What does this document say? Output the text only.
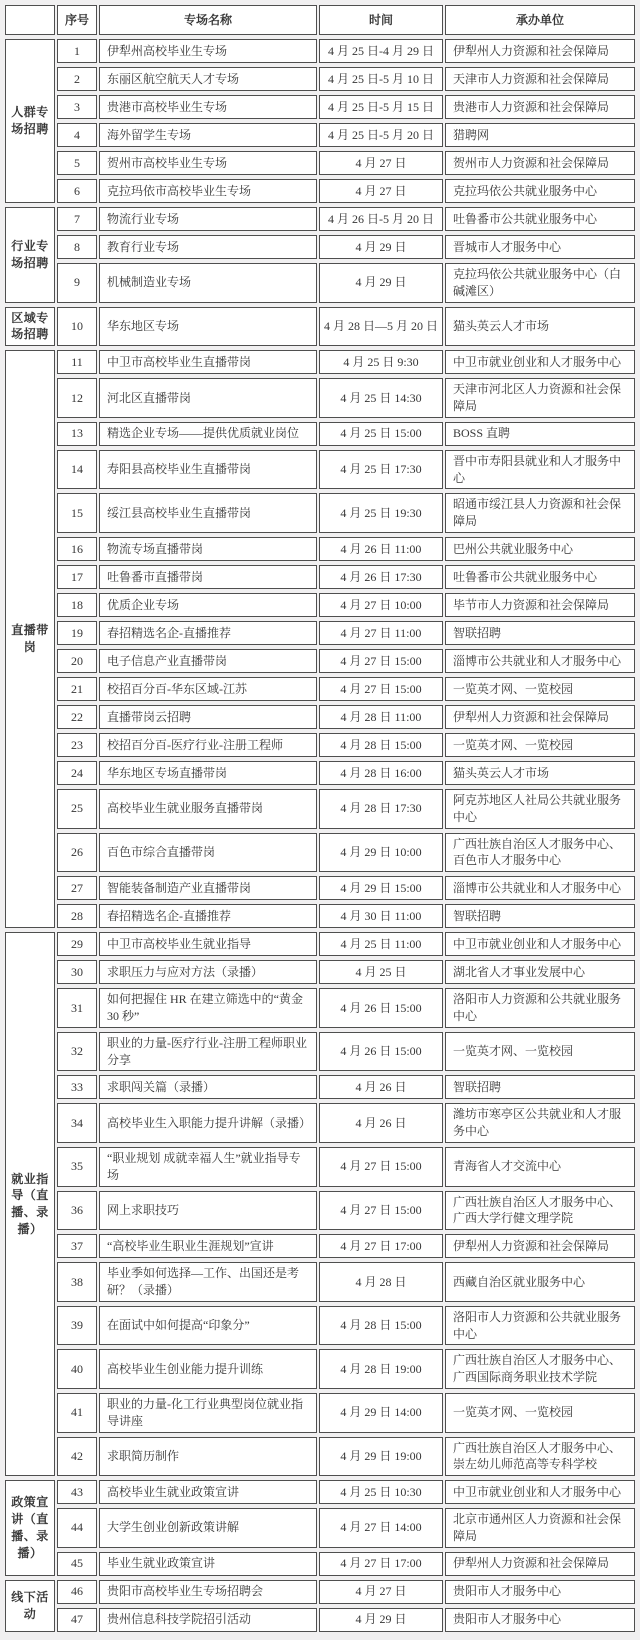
	序号	专场名称	时间	承办单位
人群专场招聘	1	伊犁州高校毕业生专场	4 月 25 日-4 月 29 日	伊犁州人力资源和社会保障局
	2	东丽区航空航天人才专场	4 月 25 日-5 月 10 日	天津市人力资源和社会保障局
	3	贵港市高校毕业生专场	4 月 25 日-5 月 15 日	贵港市人力资源和社会保障局
	4	海外留学生专场	4 月 25 日-5 月 20 日	猎聘网
	5	贺州市高校毕业生专场	4 月 27 日	贺州市人力资源和社会保障局
	6	克拉玛依市高校毕业生专场	4 月 27 日	克拉玛依公共就业服务中心
行业专场招聘	7	物流行业专场	4 月 26 日-5 月 20 日	吐鲁番市公共就业服务中心
	8	教育行业专场	4 月 29 日	晋城市人才服务中心
	9	机械制造业专场	4 月 29 日	克拉玛依公共就业服务中心（白碱滩区）
区域专场招聘	10	华东地区专场	4 月 28 日—5 月 20 日	猫头英云人才市场
直播带岗	11	中卫市高校毕业生直播带岗	4 月 25 日 9:30	中卫市就业创业和人才服务中心
	12	河北区直播带岗	4 月 25 日 14:30	天津市河北区人力资源和社会保障局
	13	精选企业专场——提供优质就业岗位	4 月 25 日 15:00	BOSS 直聘
	14	寿阳县高校毕业生直播带岗	4 月 25 日 17:30	晋中市寿阳县就业和人才服务中心
	15	绥江县高校毕业生直播带岗	4 月 25 日 19:30	昭通市绥江县人力资源和社会保障局
	16	物流专场直播带岗	4 月 26 日 11:00	巴州公共就业服务中心
	17	吐鲁番市直播带岗	4 月 26 日 17:30	吐鲁番市公共就业服务中心
	18	优质企业专场	4 月 27 日 10:00	毕节市人力资源和社会保障局
	19	春招精选名企-直播推荐	4 月 27 日 11:00	智联招聘
	20	电子信息产业直播带岗	4 月 27 日 15:00	淄博市公共就业和人才服务中心
	21	校招百分百-华东区域-江苏	4 月 27 日 15:00	一览英才网、一览校园
	22	直播带岗云招聘	4 月 28 日 11:00	伊犁州人力资源和社会保障局
	23	校招百分百-医疗行业-注册工程师	4 月 28 日 15:00	一览英才网、一览校园
	24	华东地区专场直播带岗	4 月 28 日 16:00	猫头英云人才市场
	25	高校毕业生就业服务直播带岗	4 月 28 日 17:30	阿克苏地区人社局公共就业服务中心
	26	百色市综合直播带岗	4 月 29 日 10:00	广西壮族自治区人才服务中心、百色市人才服务中心
	27	智能装备制造产业直播带岗	4 月 29 日 15:00	淄博市公共就业和人才服务中心
	28	春招精选名企-直播推荐	4 月 30 日 11:00	智联招聘
就业指导（直播、录播）	29	中卫市高校毕业生就业指导	4 月 25 日 11:00	中卫市就业创业和人才服务中心
	30	求职压力与应对方法（录播）	4 月 25 日	湖北省人才事业发展中心
	31	如何把握住 HR 在建立筛选中的“黄金 30 秒”	4 月 26 日 15:00	洛阳市人力资源和公共就业服务中心
	32	职业的力量-医疗行业-注册工程师职业分享	4 月 26 日 15:00	一览英才网、一览校园
	33	求职闯关篇（录播）	4 月 26 日	智联招聘
	34	高校毕业生入职能力提升讲解（录播）	4 月 26 日	潍坊市寒亭区公共就业和人才服务中心
	35	“职业规划 成就幸福人生”就业指导专场	4 月 27 日 15:00	青海省人才交流中心
	36	网上求职技巧	4 月 27 日 15:00	广西壮族自治区人才服务中心、广西大学行健文理学院
	37	“高校毕业生职业生涯规划”宣讲	4 月 27 日 17:00	伊犁州人力资源和社会保障局
	38	毕业季如何选择—工作、出国还是考研？（录播）	4 月 28 日	西藏自治区就业服务中心
	39	在面试中如何提高“印象分”	4 月 28 日 15:00	洛阳市人力资源和公共就业服务中心
	40	高校毕业生创业能力提升训练	4 月 28 日 19:00	广西壮族自治区人才服务中心、广西国际商务职业技术学院
	41	职业的力量-化工行业典型岗位就业指导讲座	4 月 29 日 14:00	一览英才网、一览校园
	42	求职简历制作	4 月 29 日 19:00	广西壮族自治区人才服务中心、崇左幼儿师范高等专科学校
政策宣讲（直播、录播）	43	高校毕业生就业政策宣讲	4 月 25 日 10:30	中卫市就业创业和人才服务中心
	44	大学生创业创新政策讲解	4 月 27 日 14:00	北京市通州区人力资源和社会保障局
	45	毕业生就业政策宣讲	4 月 27 日 17:00	伊犁州人力资源和社会保障局
线下活动	46	贵阳市高校毕业生专场招聘会	4 月 27 日	贵阳市人才服务中心
	47	贵州信息科技学院招引活动	4 月 29 日	贵阳市人才服务中心
